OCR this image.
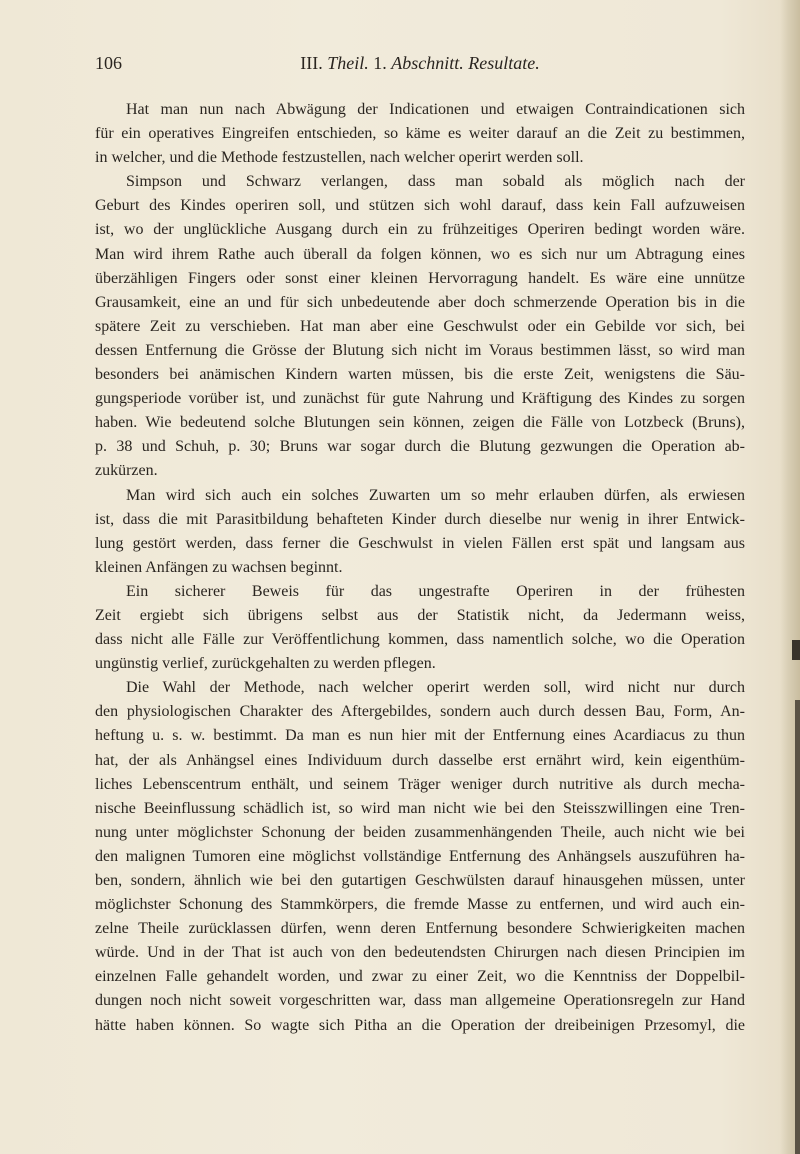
106	III. Theil. 1. Abschnitt. Resultate.
Hat man nun nach Abwägung der Indicationen und etwaigen Contraindicationen sich
für ein operatives Eingreifen entschieden, so käme es weiter darauf an die Zeit zu bestimmen,
in welcher, und die Methode festzustellen, nach welcher operirt werden soll.
Simpson und Schwarz verlangen, dass man sobald als möglich nach der
Geburt des Kindes operiren soll, und stützen sich wohl darauf, dass kein Fall aufzuweisen
ist, wo der unglückliche Ausgang durch ein zu frühzeitiges Operiren bedingt worden wäre.
Man wird ihrem Rathe auch überall da folgen können, wo es sich nur um Abtragung eines
überzähligen Fingers oder sonst einer kleinen Hervorragung handelt. Es wäre eine unnütze
Grausamkeit, eine an und für sich unbedeutende aber doch schmerzende Operation bis in die
spätere Zeit zu verschieben. Hat man aber eine Geschwulst oder ein Gebilde vor sich, bei
dessen Entfernung die Grösse der Blutung sich nicht im Voraus bestimmen lässt, so wird man
besonders bei anämischen Kindern warten müssen, bis die erste Zeit, wenigstens die Säu-
gungsperiode vorüber ist, und zunächst für gute Nahrung und Kräftigung des Kindes zu sorgen
haben. Wie bedeutend solche Blutungen sein können, zeigen die Fälle von Lotzbeck (Bruns),
p. 38 und Schuh, p. 30; Bruns war sogar durch die Blutung gezwungen die Operation ab-
zukürzen.
Man wird sich auch ein solches Zuwarten um so mehr erlauben dürfen, als erwiesen
ist, dass die mit Parasitbildung behafteten Kinder durch dieselbe nur wenig in ihrer Entwick-
lung gestört werden, dass ferner die Geschwulst in vielen Fällen erst spät und langsam aus
kleinen Anfängen zu wachsen beginnt.
Ein sicherer Beweis für das ungestrafte Operiren in der frühesten
Zeit ergiebt sich übrigens selbst aus der Statistik nicht, da Jedermann weiss,
dass nicht alle Fälle zur Veröffentlichung kommen, dass namentlich solche, wo die Operation
ungünstig verlief, zurückgehalten zu werden pflegen.
Die Wahl der Methode, nach welcher operirt werden soll, wird nicht nur durch
den physiologischen Charakter des Aftergebildes, sondern auch durch dessen Bau, Form, An-
heftung u. s. w. bestimmt. Da man es nun hier mit der Entfernung eines Acardiacus zu thun
hat, der als Anhängsel eines Individuum durch dasselbe erst ernährt wird, kein eigenthüm-
liches Lebenscentrum enthält, und seinem Träger weniger durch nutritive als durch mecha-
nische Beeinflussung schädlich ist, so wird man nicht wie bei den Steisszwillingen eine Tren-
nung unter möglichster Schonung der beiden zusammenhängenden Theile, auch nicht wie bei
den malignen Tumoren eine möglichst vollständige Entfernung des Anhängsels auszuführen ha-
ben, sondern, ähnlich wie bei den gutartigen Geschwülsten darauf hinausgehen müssen, unter
möglichster Schonung des Stammkörpers, die fremde Masse zu entfernen, und wird auch ein-
zelne Theile zurücklassen dürfen, wenn deren Entfernung besondere Schwierigkeiten machen
würde. Und in der That ist auch von den bedeutendsten Chirurgen nach diesen Principien im
einzelnen Falle gehandelt worden, und zwar zu einer Zeit, wo die Kenntniss der Doppelbil-
dungen noch nicht soweit vorgeschritten war, dass man allgemeine Operationsregeln zur Hand
hätte haben können. So wagte sich Pitha an die Operation der dreibeinigen Przesomyl, die
